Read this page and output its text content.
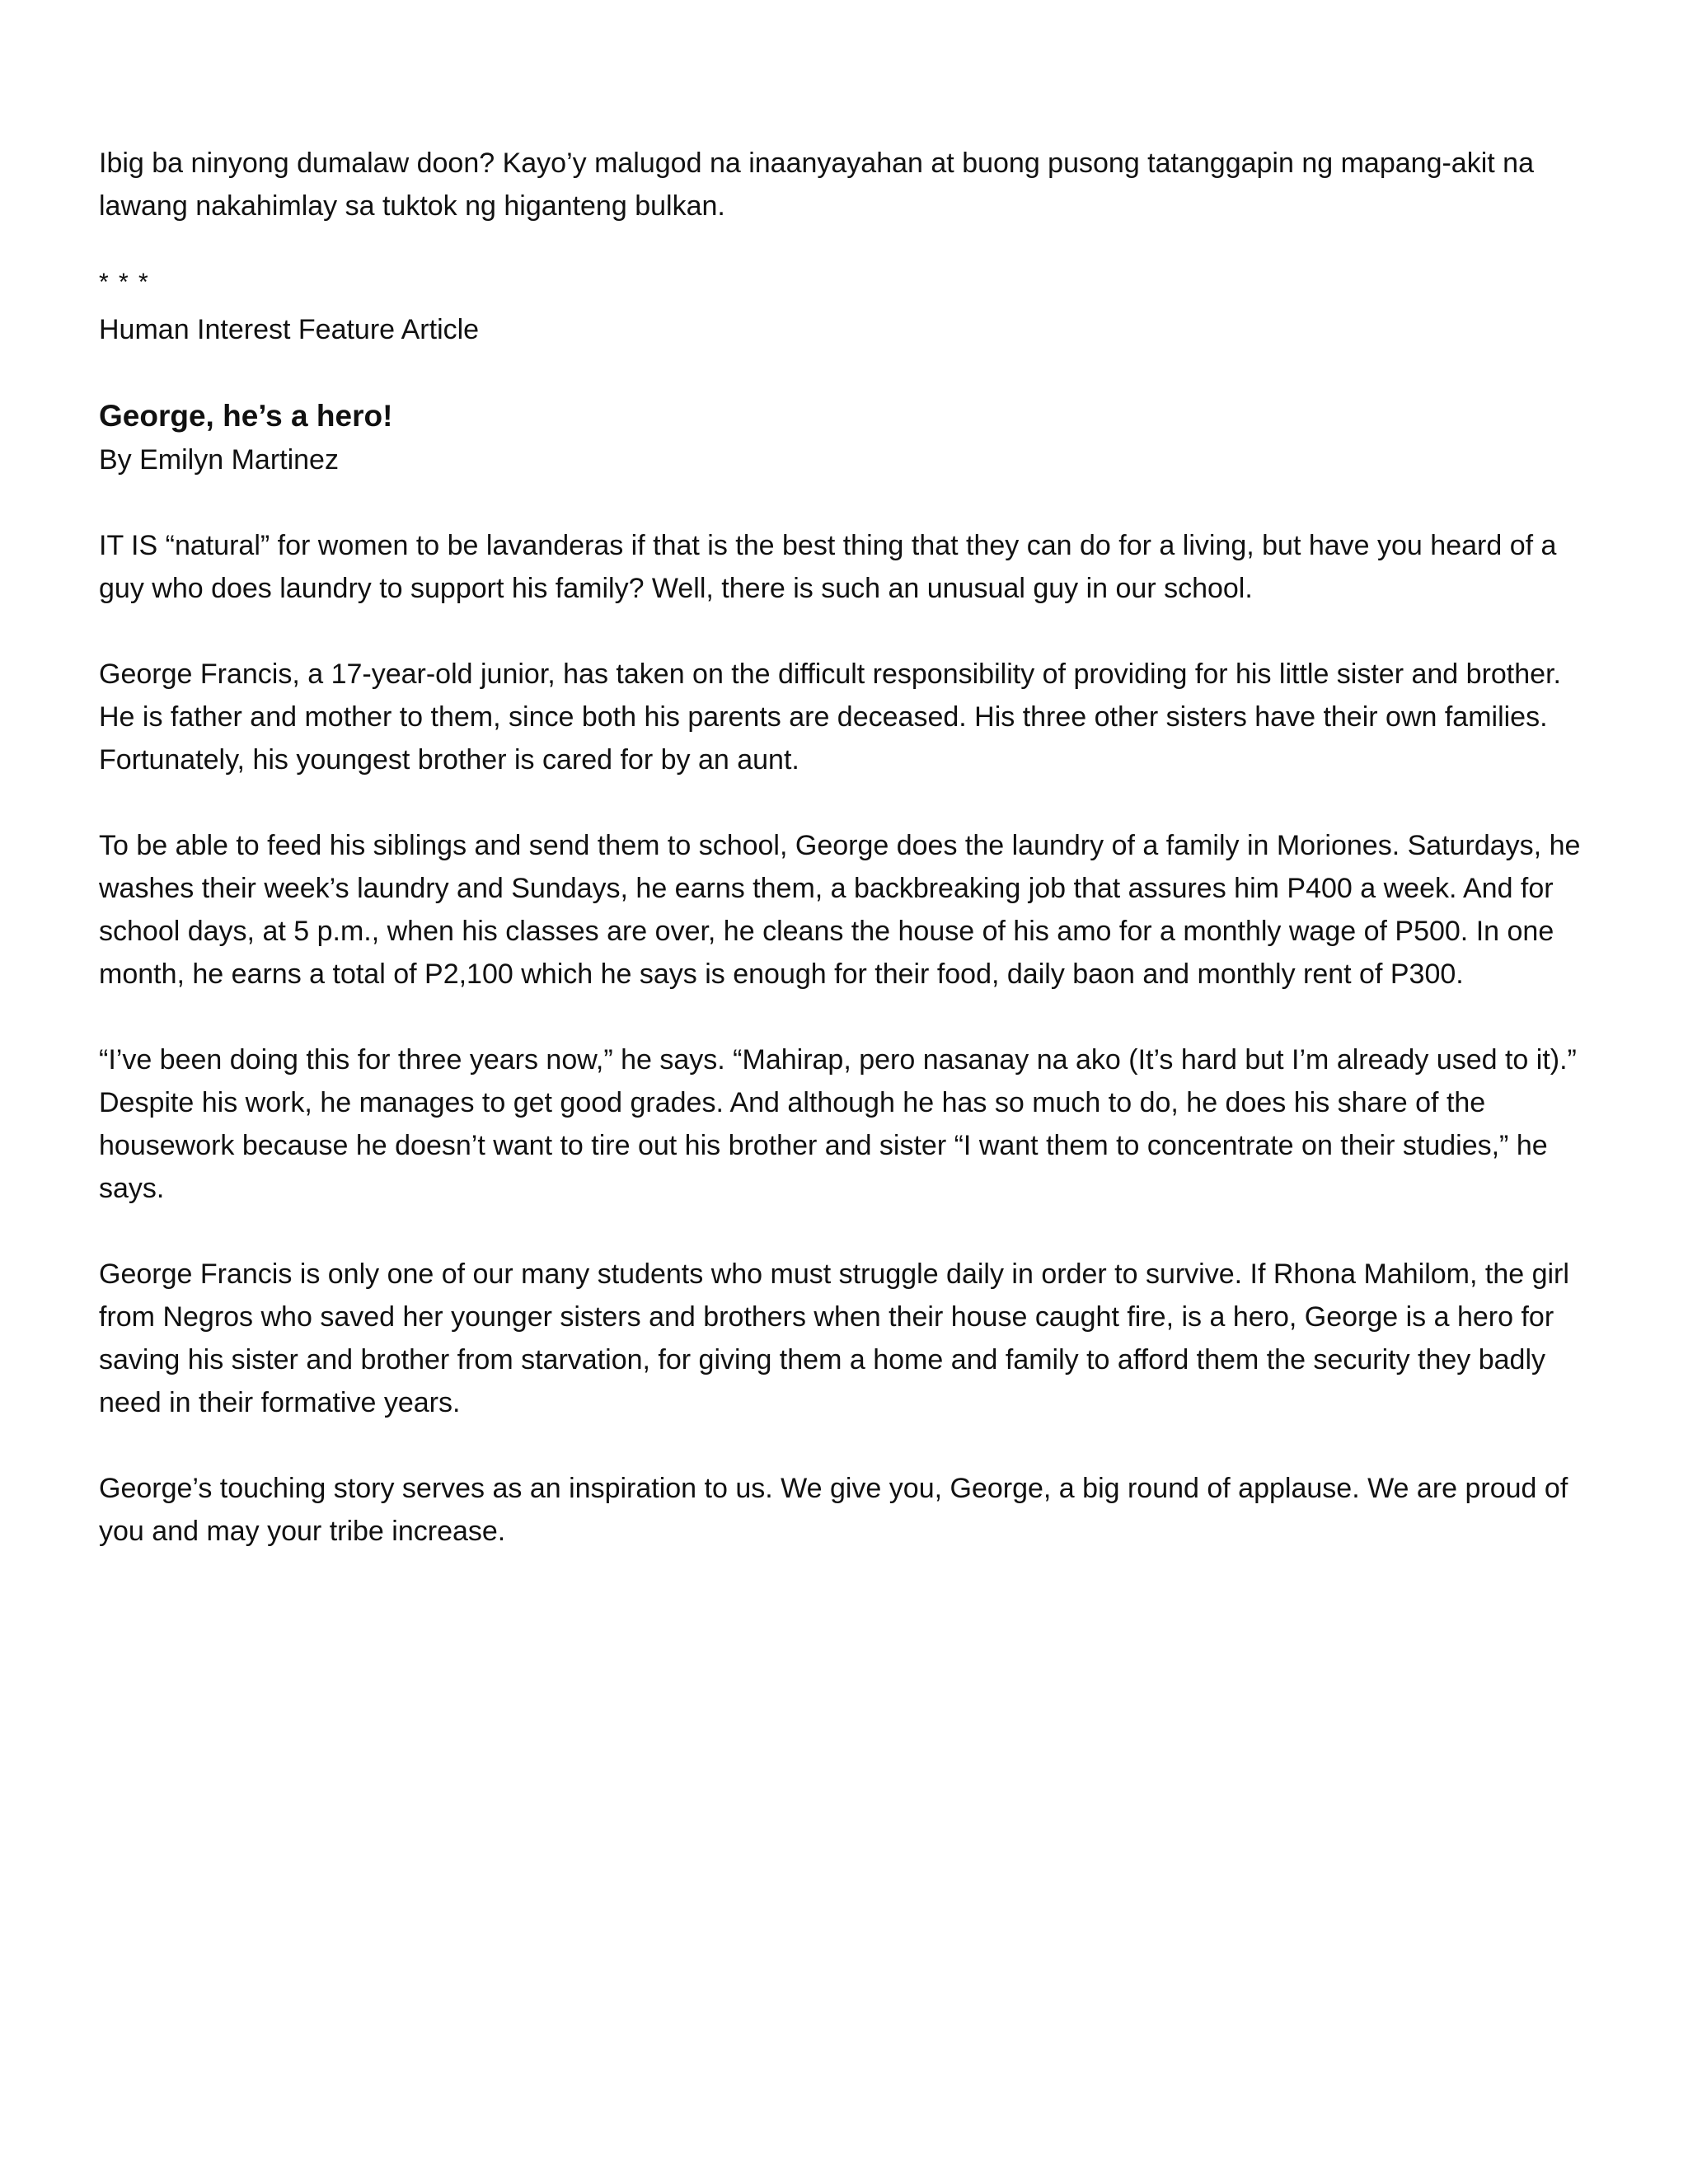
Ibig ba ninyong dumalaw doon? Kayo’y malugod na inaanyayahan at buong pusong tatanggapin ng mapang-akit na lawang nakahimlay sa tuktok ng higanteng bulkan.

* * *

Human Interest Feature Article

George, he’s a hero!

By Emilyn Martinez

IT IS “natural” for women to be lavanderas if that is the best thing that they can do for a living, but have you heard of a guy who does laundry to support his family? Well, there is such an unusual guy in our school.

George Francis, a 17-year-old junior, has taken on the difficult responsibility of providing for his little sister and brother. He is father and mother to them, since both his parents are deceased. His three other sisters have their own families. Fortunately, his youngest brother is cared for by an aunt.

To be able to feed his siblings and send them to school, George does the laundry of a family in Moriones. Saturdays, he washes their week’s laundry and Sundays, he earns them, a backbreaking job that assures him P400 a week. And for school days, at 5 p.m., when his classes are over, he cleans the house of his amo for a monthly wage of P500. In one month, he earns a total of P2,100 which he says is enough for their food, daily baon and monthly rent of P300.

“I’ve been doing this for three years now,” he says. “Mahirap, pero nasanay na ako (It’s hard but I’m already used to it).” Despite his work, he manages to get good grades. And although he has so much to do, he does his share of the housework because he doesn’t want to tire out his brother and sister “I want them to concentrate on their studies,” he says.

George Francis is only one of our many students who must struggle daily in order to survive. If Rhona Mahilom, the girl from Negros who saved her younger sisters and brothers when their house caught fire, is a hero, George is a hero for saving his sister and brother from starvation, for giving them a home and family to afford them the security they badly need in their formative years.

George’s touching story serves as an inspiration to us. We give you, George, a big round of applause. We are proud of you and may your tribe increase.
